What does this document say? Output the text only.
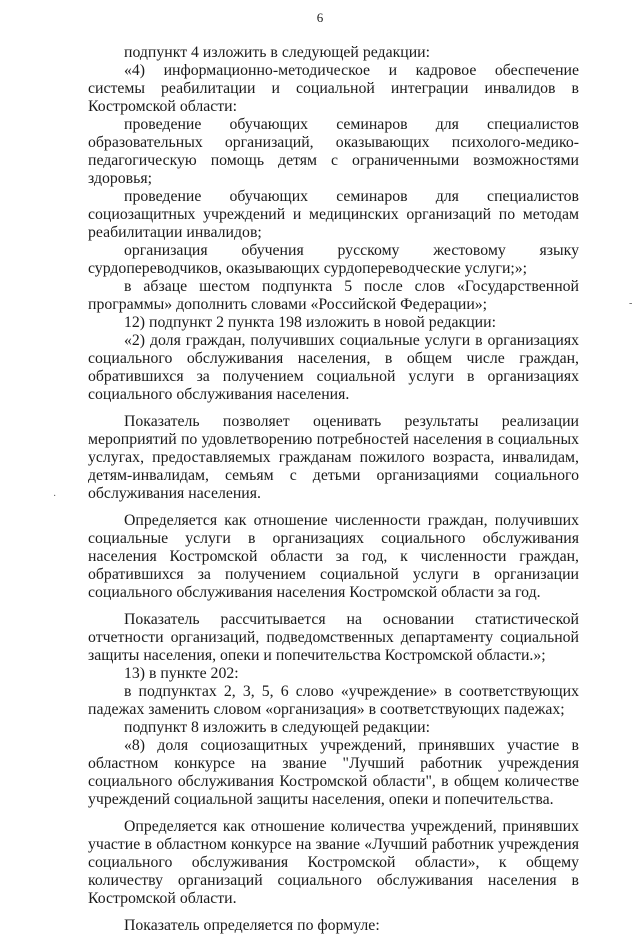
6

подпункт 4 изложить в следующей редакции:

«4) информационно-методическое и кадровое обеспечение системы реабилитации и социальной интеграции инвалидов в Костромской области:

проведение обучающих семинаров для специалистов образовательных организаций, оказывающих психолого-медико-педагогическую помощь детям с ограниченными возможностями здоровья;

проведение обучающих семинаров для специалистов социозащитных учреждений и медицинских организаций по методам реабилитации инвалидов;

организация обучения русскому жестовому языку сурдопереводчиков, оказывающих сурдопереводческие услуги;»;

в абзаце шестом подпункта 5 после слов «Государственной программы» дополнить словами «Российской Федерации»;

12) подпункт 2 пункта 198 изложить в новой редакции:

«2) доля граждан, получивших социальные услуги в организациях социального обслуживания населения, в общем числе граждан, обратившихся за получением социальной услуги в организациях социального обслуживания населения.

Показатель позволяет оценивать результаты реализации мероприятий по удовлетворению потребностей населения в социальных услугах, предоставляемых гражданам пожилого возраста, инвалидам, детям-инвалидам, семьям с детьми организациями социального обслуживания населения.

Определяется как отношение численности граждан, получивших социальные услуги в организациях социального обслуживания населения Костромской области за год, к численности граждан, обратившихся за получением социальной услуги в организации социального обслуживания населения Костромской области за год.

Показатель рассчитывается на основании статистической отчетности организаций, подведомственных департаменту социальной защиты населения, опеки и попечительства Костромской области.»;

13) в пункте 202:

в подпунктах 2, 3, 5, 6 слово «учреждение» в соответствующих падежах заменить словом «организация» в соответствующих падежах;

подпункт 8 изложить в следующей редакции:

«8) доля социозащитных учреждений, принявших участие в областном конкурсе на звание "Лучший работник учреждения социального обслуживания Костромской области", в общем количестве учреждений социальной защиты населения, опеки и попечительства.

Определяется как отношение количества учреждений, принявших участие в областном конкурсе на звание «Лучший работник учреждения социального обслуживания Костромской области», к общему количеству организаций социального обслуживания населения в Костромской области.

Показатель определяется по формуле:

-
·
